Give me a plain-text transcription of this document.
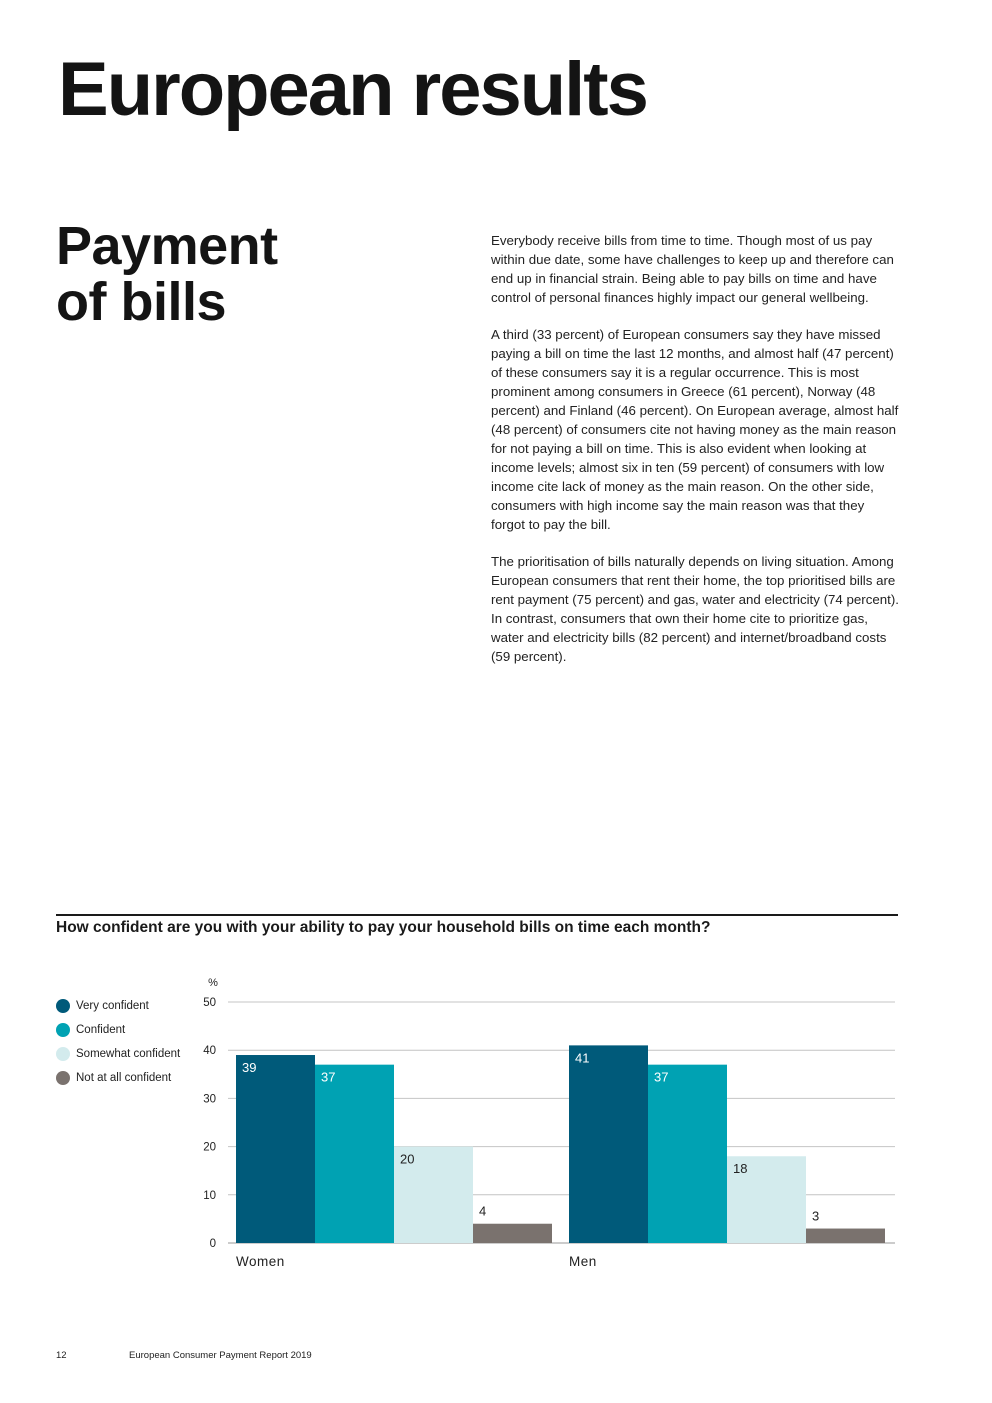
European results
Payment
of bills

Everybody receive bills from time to time. Though most of us pay within due date, some have challenges to keep up and therefore can end up in financial strain. Being able to pay bills on time and have control of personal finances highly impact our general wellbeing.

A third (33 percent) of European consumers say they have missed paying a bill on time the last 12 months, and almost half (47 percent) of these consumers say it is a regular occurrence. This is most prominent among consumers in Greece (61 percent), Norway (48 percent) and Finland (46 percent). On European average, almost half (48 percent) of consumers cite not having money as the main reason for not paying a bill on time. This is also evident when looking at income levels; almost six in ten (59 percent) of consumers with low income cite lack of money as the main reason. On the other side, consumers with high income say the main reason was that they forgot to pay the bill.

The prioritisation of bills naturally depends on living situation. Among European consumers that rent their home, the top prioritised bills are rent payment (75 percent) and gas, water and electricity (74 percent). In contrast, consumers that own their home cite to prioritize gas, water and electricity bills (82 percent) and internet/broadband costs (59 percent).

How confident are you with your ability to pay your household bills on time each month?
Very confident
Confident
Somewhat confident
Not at all confident
0
10
20
30
40
50
%
39
37
20
4
Women
41
37
18
3
Men
12	European Consumer Payment Report 2019
